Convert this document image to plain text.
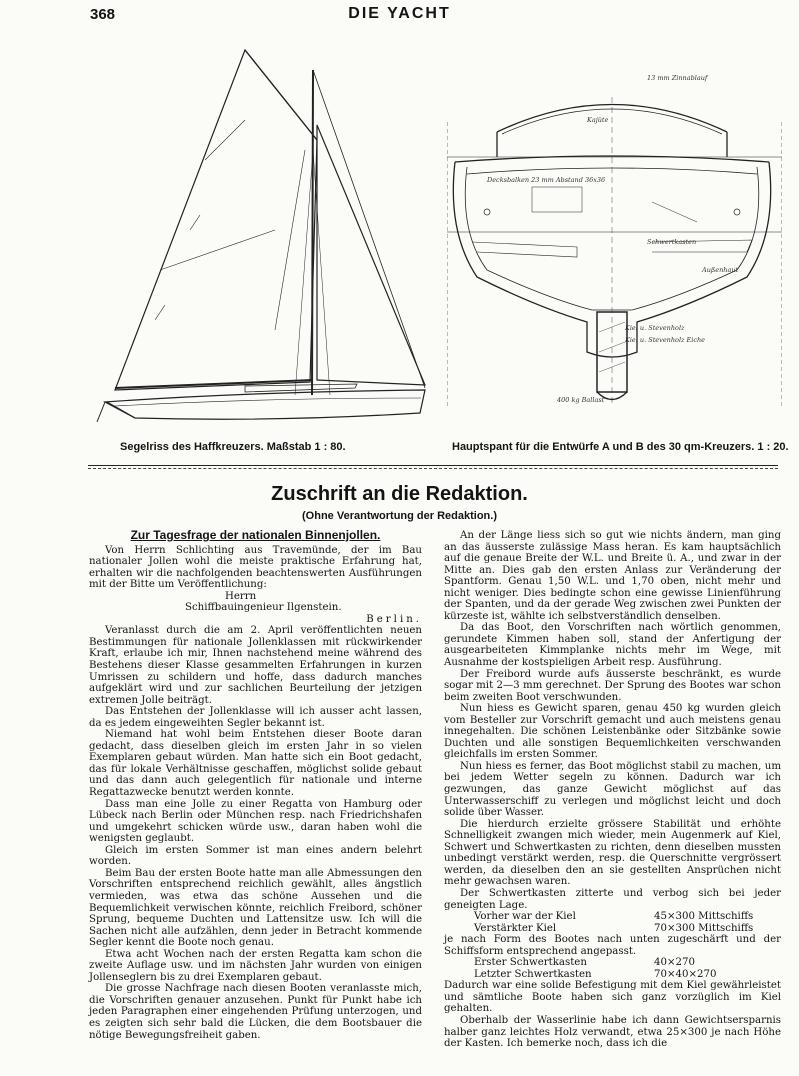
368	DIE YACHT
Segelriss des Haffkreuzers. Maßstab 1 : 80.
13 mm Zinnablauf
Kajüte
Decksbalken 23 mm Abstand 36x36
Kiel u. Stevenholz
Kiel u. Stevenholz Eiche
400 kg Ballast
Schwertkasten
Außenhaut
Hauptspant für die Entwürfe A und B des 30 qm-Kreuzers. 1 : 20.
Zuschrift an die Redaktion.
(Ohne Verantwortung der Redaktion.)
Zur Tagesfrage der nationalen Binnenjollen.

Von Herrn Schlichting aus Travemünde, der im Bau nationaler Jollen wohl die meiste praktische Erfahrung hat, erhalten wir die nachfolgenden beachtenswerten Ausführungen mit der Bitte um Veröffentlichung:

Herrn

Schiffbauingenieur Ilgenstein.

Berlin.

Veranlasst durch die am 2. April veröffentlichten neuen Bestimmungen für nationale Jollenklassen mit rückwirkender Kraft, erlaube ich mir, Ihnen nachstehend meine während des Bestehens dieser Klasse gesammelten Erfahrungen in kurzen Umrissen zu schildern und hoffe, dass dadurch manches aufgeklärt wird und zur sachlichen Beurteilung der jetzigen extremen Jolle beiträgt.

Das Entstehen der Jollenklasse will ich ausser acht lassen, da es jedem eingeweihten Segler bekannt ist.

Niemand hat wohl beim Entstehen dieser Boote daran gedacht, dass dieselben gleich im ersten Jahr in so vielen Exemplaren gebaut würden. Man hatte sich ein Boot gedacht, das für lokale Verhältnisse geschaffen, möglichst solide gebaut und das dann auch gelegentlich für nationale und interne Regattazwecke benutzt werden konnte.

Dass man eine Jolle zu einer Regatta von Hamburg oder Lübeck nach Berlin oder München resp. nach Friedrichshafen und umgekehrt schicken würde usw., daran haben wohl die wenigsten geglaubt.

Gleich im ersten Sommer ist man eines andern belehrt worden.

Beim Bau der ersten Boote hatte man alle Abmessungen den Vorschriften entsprechend reichlich gewählt, alles ängstlich vermieden, was etwa das schöne Aussehen und die Bequemlichkeit verwischen könnte, reichlich Freibord, schöner Sprung, bequeme Duchten und Lattensitze usw. Ich will die Sachen nicht alle aufzählen, denn jeder in Betracht kommende Segler kennt die Boote noch genau.

Etwa acht Wochen nach der ersten Regatta kam schon die zweite Auflage usw. und im nächsten Jahr wurden von einigen Jollenseglern bis zu drei Exemplaren gebaut.

Die grosse Nachfrage nach diesen Booten veranlasste mich, die Vorschriften genauer anzusehen. Punkt für Punkt habe ich jeden Paragraphen einer eingehenden Prüfung unterzogen, und es zeigten sich sehr bald die Lücken, die dem Bootsbauer die nötige Bewegungsfreiheit gaben.

An der Länge liess sich so gut wie nichts ändern, man ging an das äusserste zulässige Mass heran. Es kam hauptsächlich auf die genaue Breite der W.L. und Breite ü. A., und zwar in der Mitte an. Dies gab den ersten Anlass zur Veränderung der Spantform. Genau 1,50 W.L. und 1,70 oben, nicht mehr und nicht weniger. Dies bedingte schon eine gewisse Linienführung der Spanten, und da der gerade Weg zwischen zwei Punkten der kürzeste ist, wählte ich selbstverständlich denselben.

Da das Boot, den Vorschriften nach wörtlich genommen, gerundete Kimmen haben soll, stand der Anfertigung der ausgearbeiteten Kimmplanke nichts mehr im Wege, mit Ausnahme der kostspieligen Arbeit resp. Ausführung.

Der Freibord wurde aufs äusserste beschränkt, es wurde sogar mit 2—3 mm gerechnet. Der Sprung des Bootes war schon beim zweiten Boot verschwunden.

Nun hiess es Gewicht sparen, genau 450 kg wurden gleich vom Besteller zur Vorschrift gemacht und auch meistens genau innegehalten. Die schönen Leistenbänke oder Sitzbänke sowie Duchten und alle sonstigen Bequemlichkeiten verschwanden gleichfalls im ersten Sommer.

Nun hiess es ferner, das Boot möglichst stabil zu machen, um bei jedem Wetter segeln zu können. Dadurch war ich gezwungen, das ganze Gewicht möglichst auf das Unterwasserschiff zu verlegen und möglichst leicht und doch solide über Wasser.

Die hierdurch erzielte grössere Stabilität und erhöhte Schnelligkeit zwangen mich wieder, mein Augenmerk auf Kiel, Schwert und Schwertkasten zu richten, denn dieselben mussten unbedingt verstärkt werden, resp. die Querschnitte vergrössert werden, da dieselben den an sie gestellten Ansprüchen nicht mehr gewachsen waren.

Der Schwertkasten zitterte und verbog sich bei jeder geneigten Lage.

Vorher war der Kiel	45×300 Mittschiffs
Verstärkter Kiel	70×300 Mittschiffs

je nach Form des Bootes nach unten zugeschärft und der Schiffsform entsprechend angepasst.

Erster Schwertkasten	40×270
Letzter Schwertkasten	70×40×270

Dadurch war eine solide Befestigung mit dem Kiel gewährleistet und sämtliche Boote haben sich ganz vorzüglich im Kiel gehalten.

Oberhalb der Wasserlinie habe ich dann Gewichtsersparnis halber ganz leichtes Holz verwandt, etwa 25×300 je nach Höhe der Kasten. Ich bemerke noch, dass ich die
